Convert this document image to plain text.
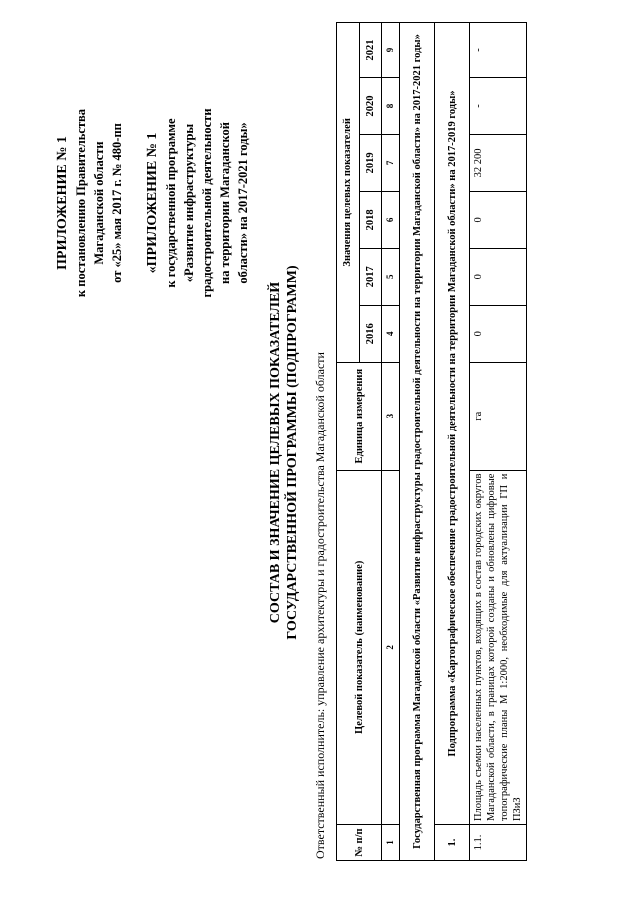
ПРИЛОЖЕНИЕ № 1 к постановлению Правительства Магаданской области от «25» мая 2017 г. № 480-пп «ПРИЛОЖЕНИЕ № 1 к государственной программе «Развитие инфраструктуры градостроительной деятельности на территории Магаданской области» на 2017-2021 годы»
СОСТАВ И ЗНАЧЕНИЕ ЦЕЛЕВЫХ ПОКАЗАТЕЛЕЙ ГОСУДАРСТВЕННОЙ ПРОГРАММЫ (ПОДПРОГРАММ) Ответственный исполнитель: управление архитектуры и градостроительства Магаданской области	№ п/п	Целевой показатель (наименование)	Единица измерения	Значения целевых показателей					
			2016	2017	2018	2019	2020	2021
1	2	3	4	5	6	7	8	9
Государственная программа Магаданской области «Развитие инфраструктуры градостроительной деятельности на территории Магаданской области» на 2017-2021 годы»								
1.	Подпрограмма «Картографическое обеспечение градостроительной деятельности на территории Магаданской области» на 2017-2019 годы»							
1.1.	Площадь съемки населенных пунктов, входящих в состав городских округов Магаданской области, в границах которой созданы и обновлены цифровые топографические планы М 1:2000, необходимые для актуализации ГП и ПЗиЗ	га	0	0	0	32 200	-	-
